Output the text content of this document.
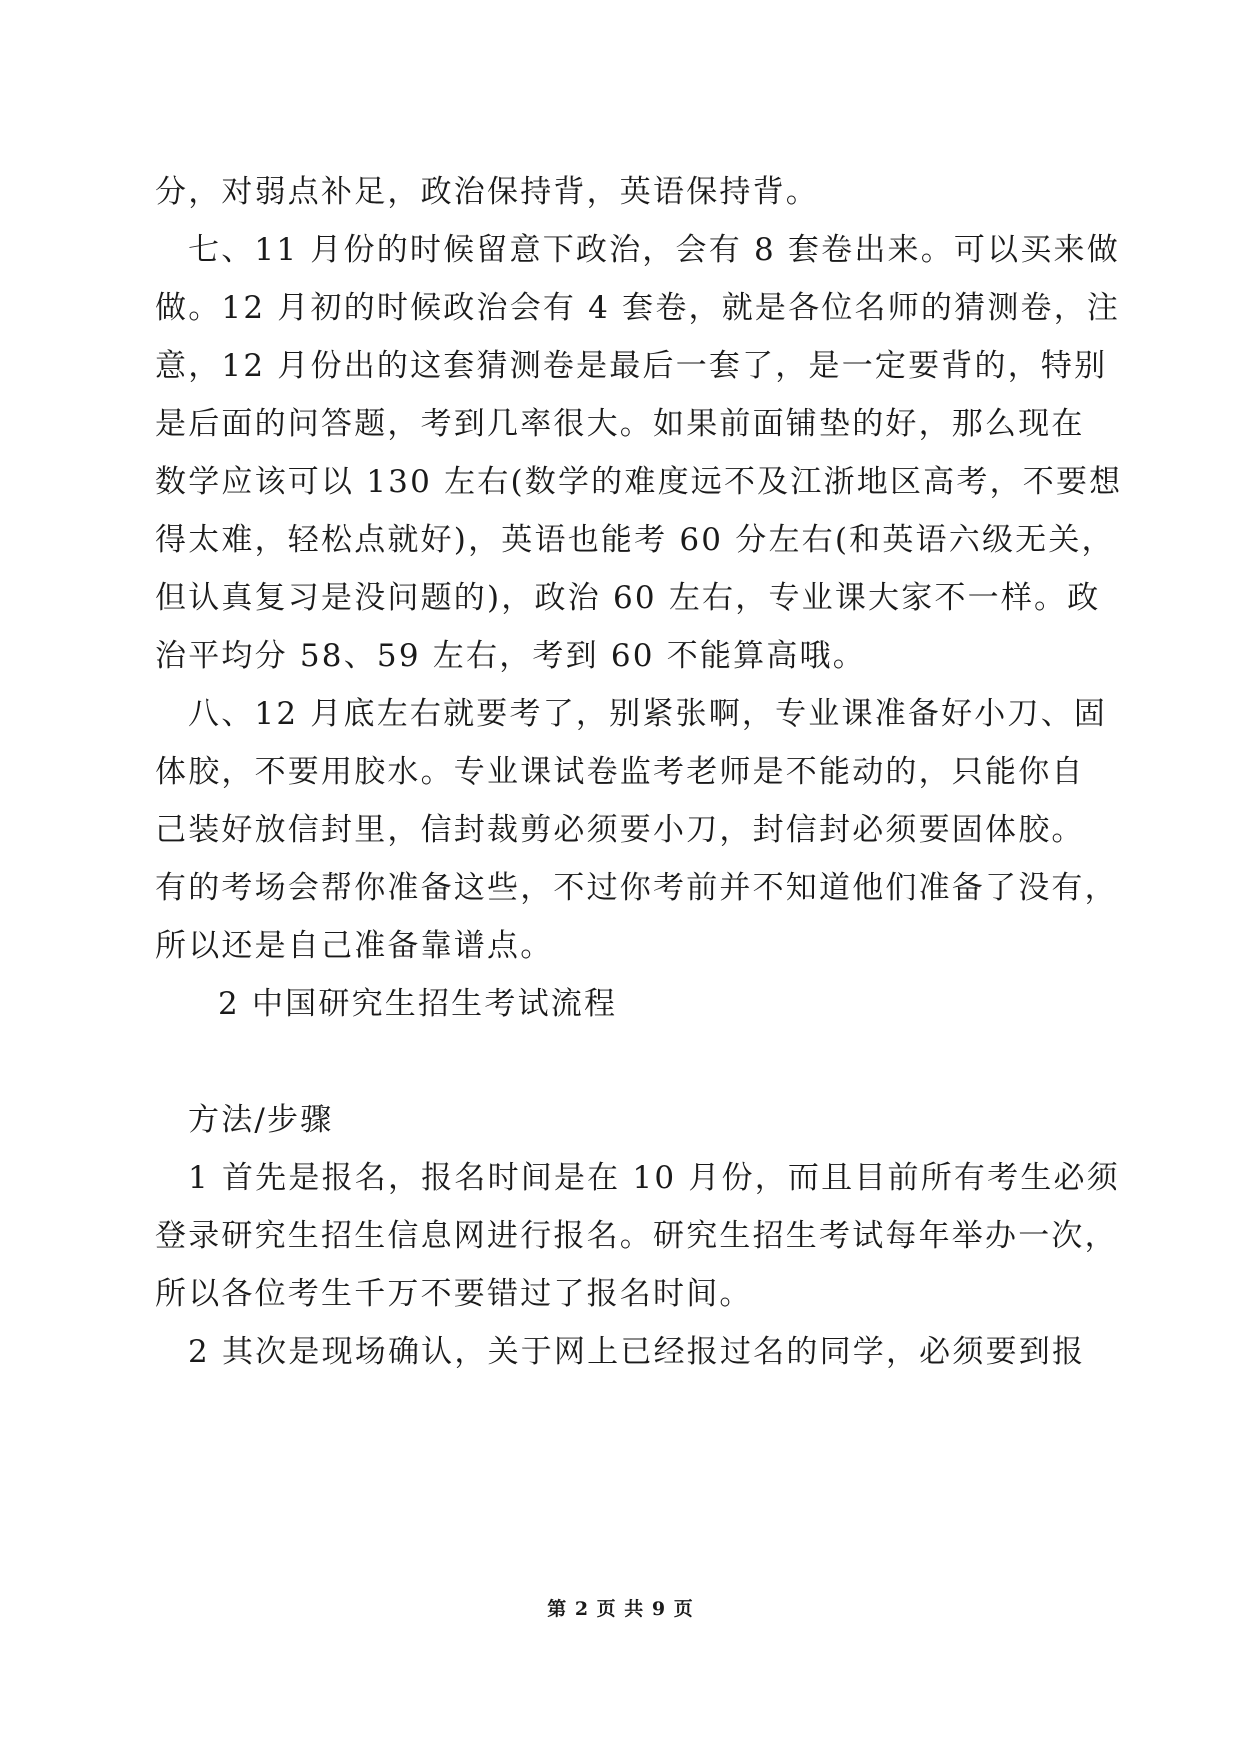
分，对弱点补足，政治保持背，英语保持背。
七、11 月份的时候留意下政治，会有 8 套卷出来。可以买来做
做。12 月初的时候政治会有 4 套卷，就是各位名师的猜测卷，注
意，12 月份出的这套猜测卷是最后一套了，是一定要背的，特别
是后面的问答题，考到几率很大。如果前面铺垫的好，那么现在
数学应该可以 130 左右(数学的难度远不及江浙地区高考，不要想
得太难，轻松点就好)，英语也能考 60 分左右(和英语六级无关，
但认真复习是没问题的)，政治 60 左右，专业课大家不一样。政
治平均分 58、59 左右，考到 60 不能算高哦。
八、12 月底左右就要考了，别紧张啊，专业课准备好小刀、固
体胶，不要用胶水。专业课试卷监考老师是不能动的，只能你自
己装好放信封里，信封裁剪必须要小刀，封信封必须要固体胶。
有的考场会帮你准备这些，不过你考前并不知道他们准备了没有，
所以还是自己准备靠谱点。
2 中国研究生招生考试流程
方法/步骤
1 首先是报名，报名时间是在 10 月份，而且目前所有考生必须
登录研究生招生信息网进行报名。研究生招生考试每年举办一次，
所以各位考生千万不要错过了报名时间。
2 其次是现场确认，关于网上已经报过名的同学，必须要到报
第 2 页 共 9 页
